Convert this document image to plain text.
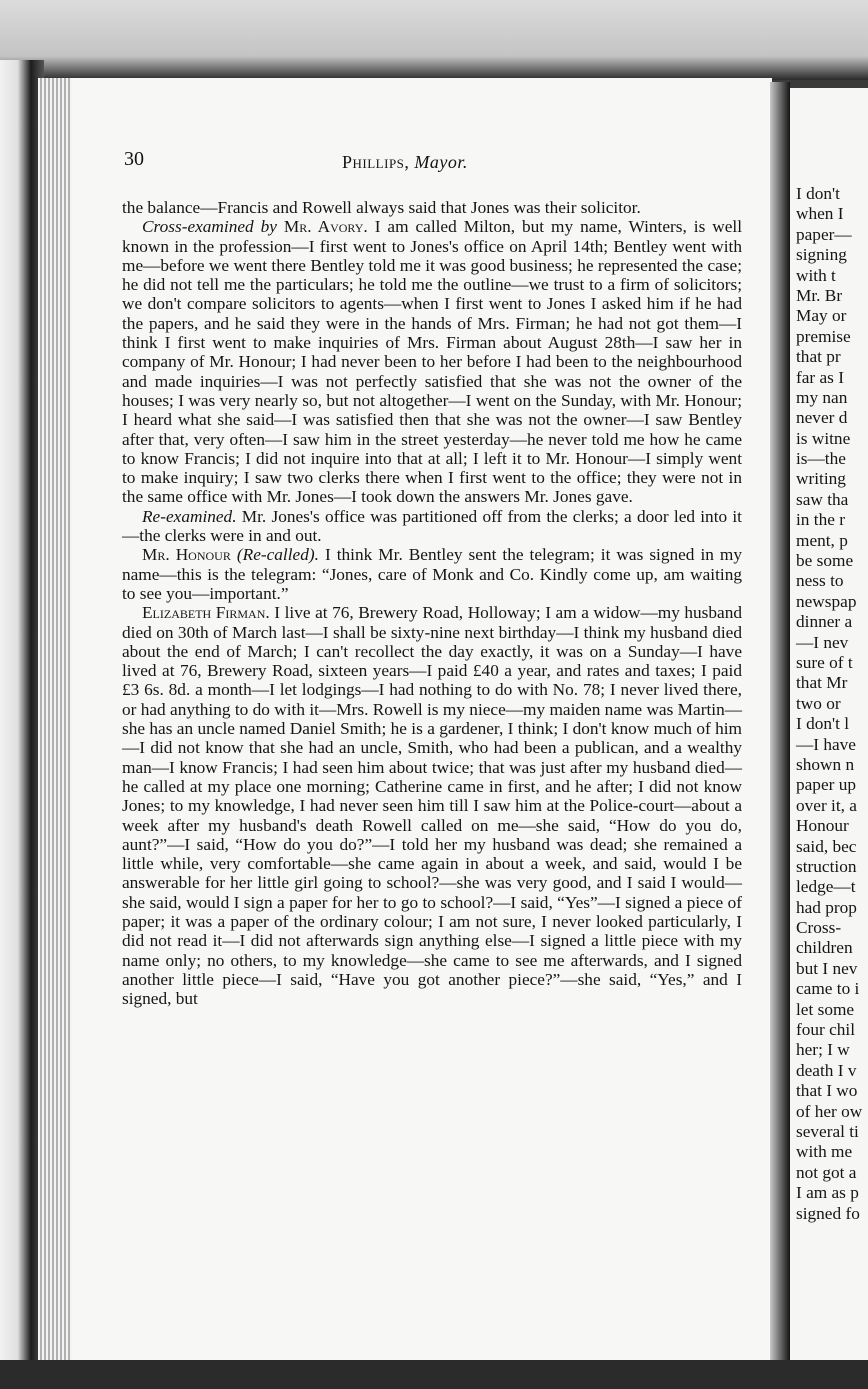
30	Phillips, Mayor.

the balance—Francis and Rowell always said that Jones was their solicitor.

Cross-examined by Mr. Avory. I am called Milton, but my name, Winters, is well known in the profession—I first went to Jones's office on April 14th; Bentley went with me—before we went there Bentley told me it was good business; he represented the case; he did not tell me the particulars; he told me the outline—we trust to a firm of solicitors; we don't compare solicitors to agents—when I first went to Jones I asked him if he had the papers, and he said they were in the hands of Mrs. Firman; he had not got them—I think I first went to make inquiries of Mrs. Firman about August 28th—I saw her in company of Mr. Honour; I had never been to her before I had been to the neighbourhood and made inquiries—I was not perfectly satisfied that she was not the owner of the houses; I was very nearly so, but not altogether—I went on the Sunday, with Mr. Honour; I heard what she said—I was satisfied then that she was not the owner—I saw Bentley after that, very often—I saw him in the street yesterday—he never told me how he came to know Francis; I did not inquire into that at all; I left it to Mr. Honour—I simply went to make inquiry; I saw two clerks there when I first went to the office; they were not in the same office with Mr. Jones—I took down the answers Mr. Jones gave.

Re-examined. Mr. Jones's office was partitioned off from the clerks; a door led into it—the clerks were in and out.

Mr. Honour (Re-called). I think Mr. Bentley sent the telegram; it was signed in my name—this is the telegram: “Jones, care of Monk and Co. Kindly come up, am waiting to see you—important.”

Elizabeth Firman. I live at 76, Brewery Road, Holloway; I am a widow—my husband died on 30th of March last—I shall be sixty-nine next birthday—I think my husband died about the end of March; I can't recollect the day exactly, it was on a Sunday—I have lived at 76, Brewery Road, sixteen years—I paid £40 a year, and rates and taxes; I paid £3 6s. 8d. a month—I let lodgings—I had nothing to do with No. 78; I never lived there, or had anything to do with it—Mrs. Rowell is my niece—my maiden name was Martin—she has an uncle named Daniel Smith; he is a gardener, I think; I don't know much of him—I did not know that she had an uncle, Smith, who had been a publican, and a wealthy man—I know Francis; I had seen him about twice; that was just after my husband died—he called at my place one morning; Catherine came in first, and he after; I did not know Jones; to my knowledge, I had never seen him till I saw him at the Police-court—about a week after my husband's death Rowell called on me—she said, “How do you do, aunt?”—I said, “How do you do?”—I told her my husband was dead; she remained a little while, very comfortable—she came again in about a week, and said, would I be answerable for her little girl going to school?—she was very good, and I said I would—she said, would I sign a paper for her to go to school?—I said, “Yes”—I signed a piece of paper; it was a paper of the ordinary colour; I am not sure, I never looked particularly, I did not read it—I did not afterwards sign anything else—I signed a little piece with my name only; no others, to my knowledge—she came to see me afterwards, and I signed another little piece—I said, “Have you got another piece?”—she said, “Yes,” and I signed, but

I don't
when I
paper—
signing
with t
Mr. Br
May or
premise
that pr
far as I
my nan
never d
is witne
is—the
writing
saw tha
in the r
ment, p
be some
ness to
newspap
dinner a
—I nev
sure of t
that Mr
two or
I don't l
—I have
shown n
paper up
over it, a
Honour
said, bec
struction
ledge—t
had prop
Cross-
children
but I nev
came to i
let some
four chil
her; I w
death I v
that I wo
of her ow
several ti
with me
not got a
I am as p
signed fo
